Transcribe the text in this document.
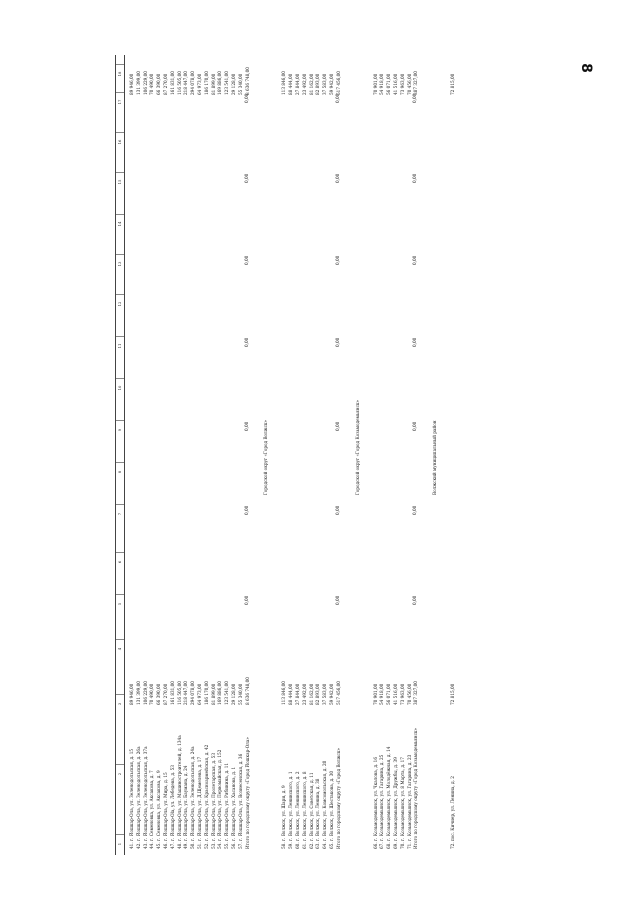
8
1
2
3
4
5
6
7
8
9
10
11
12
13
14
15
16
17
18
41. г. Йошкар-Ола, ул. Зеленодольская, д. 15
89 946,00
89 946,00
42. г. Йошкар-Ола, ул. Зеленодольская, д. 26а
131 399,00
131 399,00
43. г. Йошкар-Ола, ул. Зеленодольская, д. 37а
106 229,00
106 229,00
44. г. Семеновка, ул. Аксакова, д. 7
70 490,00
70 490,00
45. г. Семеновка, ул. Аксакова, д. 9
66 390,00
66 390,00
46. г. Йошкар-Ола, ул. Мира, д. 15
87 270,00
87 270,00
47. г. Йошкар-Ola, ул. Лебедева, д. 53
161 831,00
161 831,00
48. г. Йошкар-Ола, ул. Машиностроителей, д. 134а
116 505,00
116 505,00
49. г. Йошкар-Ола, ул. Баумана, д. 24
218 447,00
218 447,00
50. г. Йошкар-Ола, ул. Зеленодольская, д. 24а
294 078,00
294 078,00
51. г. Йошкар-Ола, ул. Д.Щемелева, д. 17
64 973,00
64 973,00
52. г. Йошкар-Ола, ул. Красноармейская, д. 42
186 170,00
186 170,00
53. г. Йошкар-Ола, ул. Пролетарская, д. 53
81 899,00
81 899,00
54. г. Йошкар-Ола, ул. Первомайская, д. 152
169 886,00
169 886,00
55. г. Йошкар-Ола, ул. Рябинина, д. 11
123 541,00
123 541,00
56. г. Йошкар-Ола, ул. Хасанова, д. 1
29 128,00
29 128,00
57. г. Йошкар-Ола, ул. Вознесенская, д. 36
55 340,00
55 340,00
Итого по городскому округу «Город Йошкар-Ола»
8 636 748,00
8 636 748,00
0,00
0,00
0,00
0,00
0,00
0,00
0,00
Городской округ «Город Волжск»
58. г. Волжск, ул. Шари, д. 9
113 846,00
113 846,00
59. г. Волжск, ул. Ленинского, д. 1
88 444,00
88 444,00
60. г. Волжск, ул. Ленинского, д. 2
27 844,00
27 844,00
61. г. Волжск, ул. Ленинского, д. 8
23 492,00
23 492,00
62. г. Волжск, ул. Советская, д. 11
81 162,00
81 162,00
63. г. Волжск, ул. Ленина, д. 38
82 893,00
82 893,00
64. г. Волжск, ул. Комсомольская, д. 20
37 583,00
37 583,00
65. г. Волжск, ул. Шестакова, д. 30
59 942,00
59 942,00
Итого по городскому округу «Город Волжск»
517 456,00
517 456,00
0,00
0,00
0,00
0,00
0,00
0,00
0,00
Городской округ «Город Козьмодемьянск»
66. г. Козьмодемьянск, ул. Чкалова, д. 16
70 901,00
70 901,00
67. г. Козьмодемьянск, ул. Гагарина, д. 25
54 918,00
54 918,00
68. г. Козьмодемьянск, ул. Молодёжная, д. 14
56 071,00
56 071,00
69. г. Козьмодемьянск, ул. Дружбы, д. 39
41 516,00
41 516,00
70. г. Козьмодемьянск, ул. 8 Марта, д. 17
73 963,00
73 963,00
71. г. Козьмодемьянск, ул. Гагарина, д. 23
70 456,00
70 456,00
Итого по городскому округу «Город Козьмодемьянск»
387 327,00
387 327,00
0,00
0,00
0,00
0,00
0,00
0,00
0,00
Волжский муниципальный район
72. пос. Кичиер, ул. Ленина, д. 2
72 815,00
72 815,00
